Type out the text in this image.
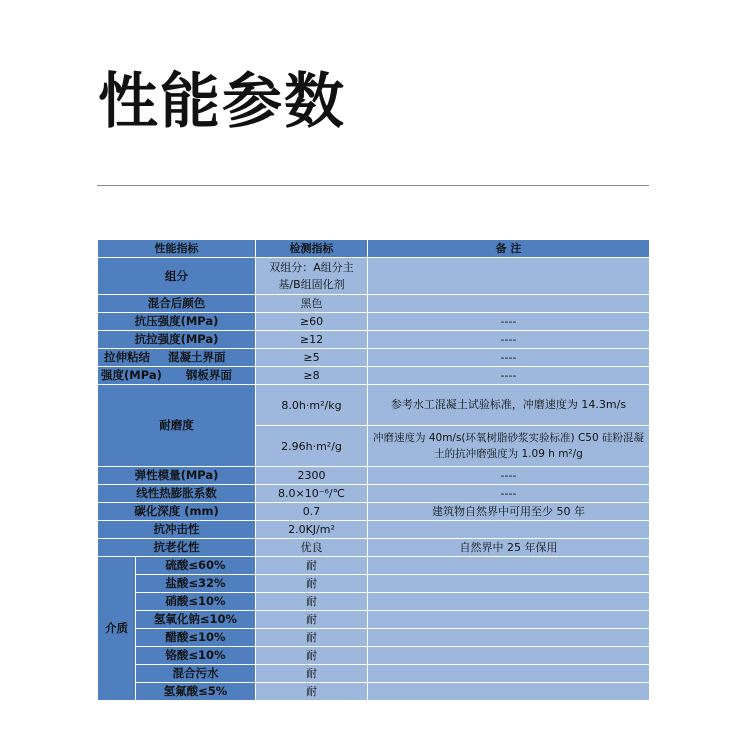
性能参数
性能指标		检测指标	备 注
组分		双组分：A组分主基/B组固化剂	
混合后颜色		黑色	
抗压强度(MPa)		≥60	----
抗拉强度(MPa)		≥12	----
拉伸粘结 混凝土界面		≥5	----
强度(MPa) 钢板界面		≥8	----
耐磨度		8.0h·m²/kg	参考水工混凝土试验标准，冲磨速度为 14.3m/s
		2.96h·m²/g	冲磨速度为 40m/s(环氧树脂砂浆实验标准) C50 硅粉混凝土的抗冲磨强度为 1.09 h m²/g
弹性模量(MPa)		2300	----
线性热膨胀系数		8.0×10⁻⁶/℃	----
碳化深度 (mm)		0.7	建筑物自然界中可用至少 50 年
抗冲击性		2.0KJ/m²	
抗老化性		优良	自然界中 25 年保用
介质	硫酸≤60%	耐	
	盐酸≤32%	耐	
	硝酸≤10%	耐	
	氢氧化钠≤10%	耐	
	醋酸≤10%	耐	
	铬酸≤10%	耐	
	混合污水	耐	
	氢氟酸≤5%	耐	
